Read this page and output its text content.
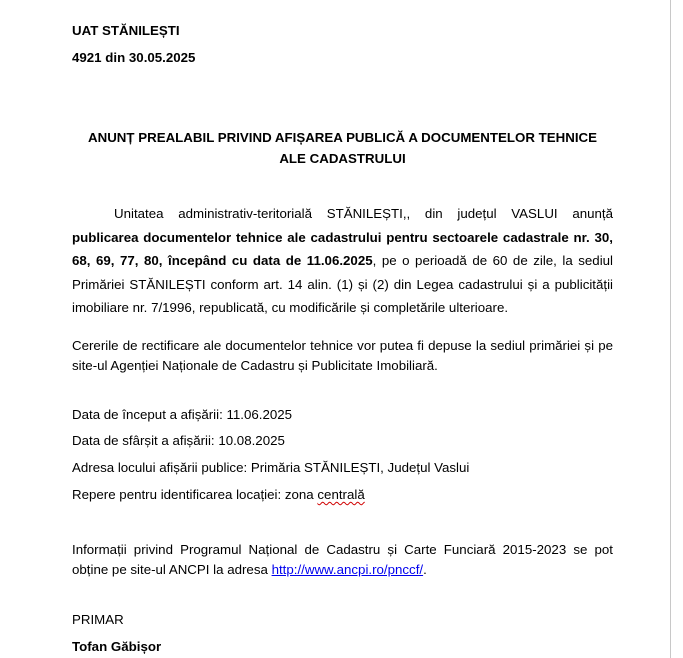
UAT STĂNILEȘTI
4921 din 30.05.2025
ANUNȚ PREALABIL PRIVIND AFIȘAREA PUBLICĂ A DOCUMENTELOR TEHNICE
ALE CADASTRULUI
Unitatea administrativ-teritorială STĂNILEȘTI,, din județul VASLUI anunță publicarea documentelor tehnice ale cadastrului pentru sectoarele cadastrale nr. 30, 68, 69, 77, 80, începând cu data de 11.06.2025, pe o perioadă de 60 de zile, la sediul Primăriei STĂNILEȘTI conform art. 14 alin. (1) și (2) din Legea cadastrului și a publicității imobiliare nr. 7/1996, republicată, cu modificările și completările ulterioare.
Cererile de rectificare ale documentelor tehnice vor putea fi depuse la sediul primăriei și pe site-ul Agenției Naționale de Cadastru și Publicitate Imobiliară.
Data de început a afișării: 11.06.2025
Data de sfârșit a afișării: 10.08.2025
Adresa locului afișării publice: Primăria STĂNILEȘTI, Județul Vaslui
Repere pentru identificarea locației: zona centrală
Informații privind Programul Național de Cadastru și Carte Funciară 2015-2023 se pot obține pe site-ul ANCPI la adresa http://www.ancpi.ro/pnccf/.
PRIMAR
Tofan Găbișor
